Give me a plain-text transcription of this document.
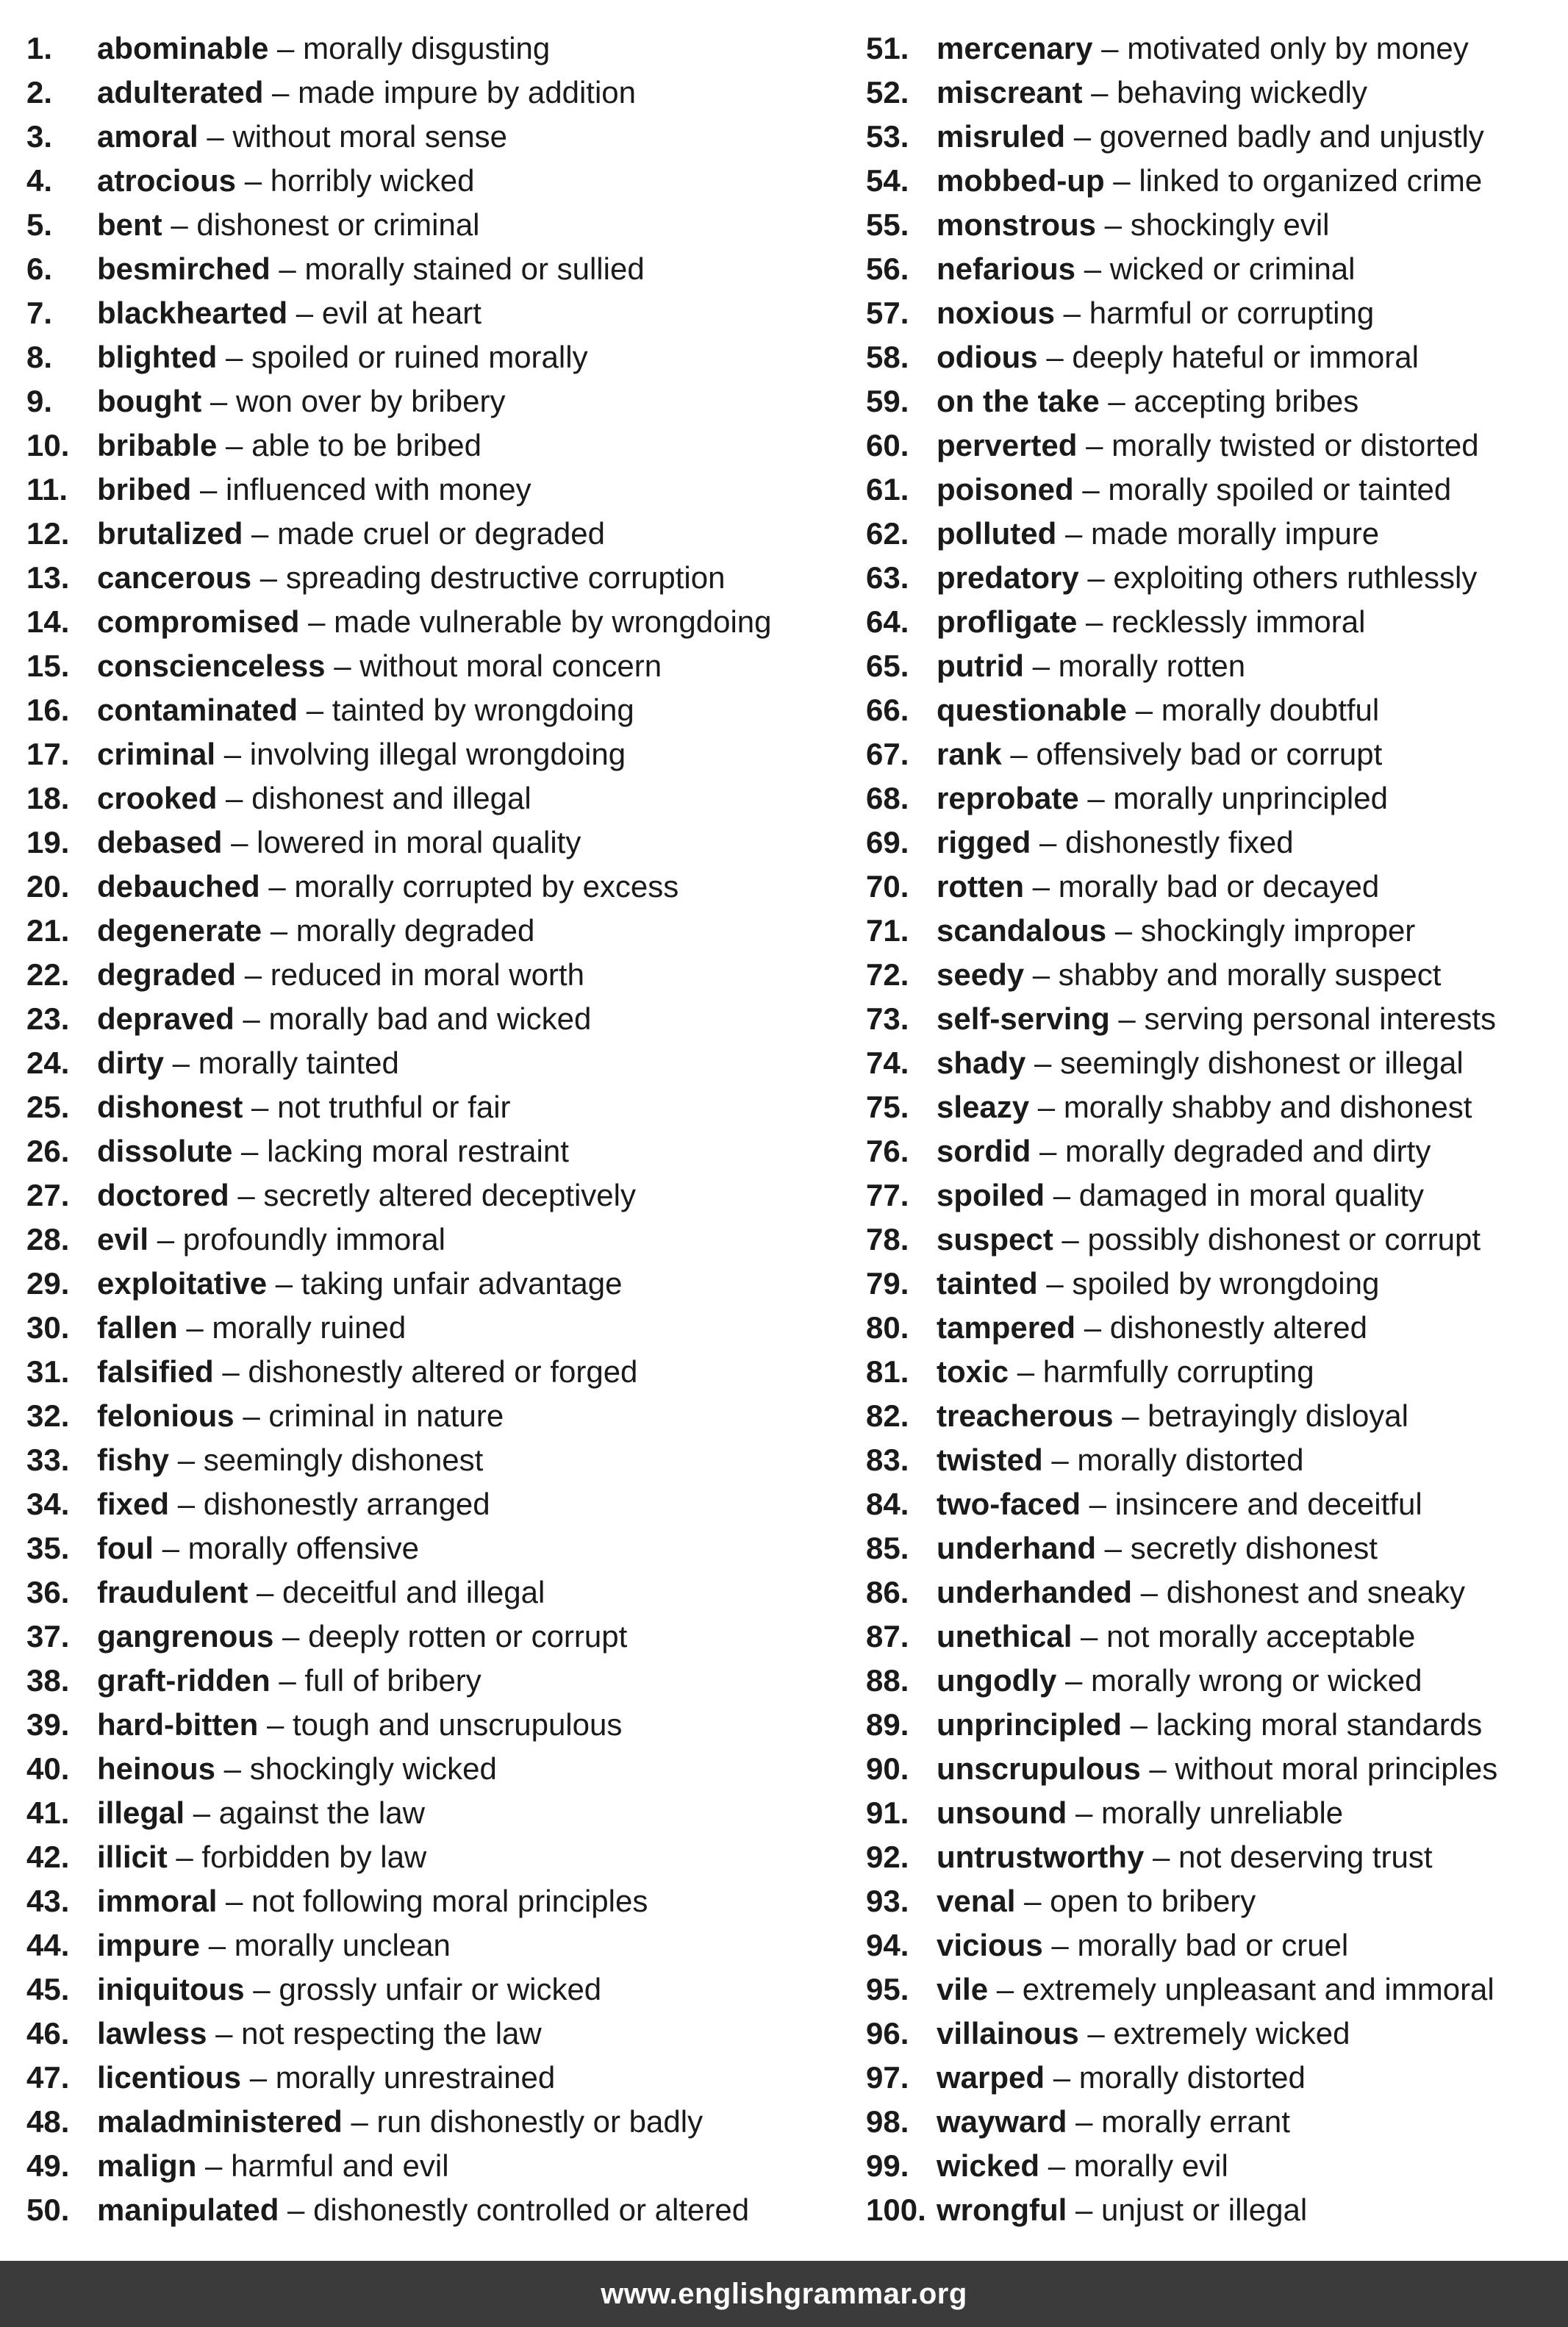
1. abominable – morally disgusting
2. adulterated – made impure by addition
3. amoral – without moral sense
4. atrocious – horribly wicked
5. bent – dishonest or criminal
6. besmirched – morally stained or sullied
7. blackhearted – evil at heart
8. blighted – spoiled or ruined morally
9. bought – won over by bribery
10. bribable – able to be bribed
11. bribed – influenced with money
12. brutalized – made cruel or degraded
13. cancerous – spreading destructive corruption
14. compromised – made vulnerable by wrongdoing
15. conscienceless – without moral concern
16. contaminated – tainted by wrongdoing
17. criminal – involving illegal wrongdoing
18. crooked – dishonest and illegal
19. debased – lowered in moral quality
20. debauched – morally corrupted by excess
21. degenerate – morally degraded
22. degraded – reduced in moral worth
23. depraved – morally bad and wicked
24. dirty – morally tainted
25. dishonest – not truthful or fair
26. dissolute – lacking moral restraint
27. doctored – secretly altered deceptively
28. evil – profoundly immoral
29. exploitative – taking unfair advantage
30. fallen – morally ruined
31. falsified – dishonestly altered or forged
32. felonious – criminal in nature
33. fishy – seemingly dishonest
34. fixed – dishonestly arranged
35. foul – morally offensive
36. fraudulent – deceitful and illegal
37. gangrenous – deeply rotten or corrupt
38. graft-ridden – full of bribery
39. hard-bitten – tough and unscrupulous
40. heinous – shockingly wicked
41. illegal – against the law
42. illicit – forbidden by law
43. immoral – not following moral principles
44. impure – morally unclean
45. iniquitous – grossly unfair or wicked
46. lawless – not respecting the law
47. licentious – morally unrestrained
48. maladministered – run dishonestly or badly
49. malign – harmful and evil
50. manipulated – dishonestly controlled or altered
51. mercenary – motivated only by money
52. miscreant – behaving wickedly
53. misruled – governed badly and unjustly
54. mobbed-up – linked to organized crime
55. monstrous – shockingly evil
56. nefarious – wicked or criminal
57. noxious – harmful or corrupting
58. odious – deeply hateful or immoral
59. on the take – accepting bribes
60. perverted – morally twisted or distorted
61. poisoned – morally spoiled or tainted
62. polluted – made morally impure
63. predatory – exploiting others ruthlessly
64. profligate – recklessly immoral
65. putrid – morally rotten
66. questionable – morally doubtful
67. rank – offensively bad or corrupt
68. reprobate – morally unprincipled
69. rigged – dishonestly fixed
70. rotten – morally bad or decayed
71. scandalous – shockingly improper
72. seedy – shabby and morally suspect
73. self-serving – serving personal interests
74. shady – seemingly dishonest or illegal
75. sleazy – morally shabby and dishonest
76. sordid – morally degraded and dirty
77. spoiled – damaged in moral quality
78. suspect – possibly dishonest or corrupt
79. tainted – spoiled by wrongdoing
80. tampered – dishonestly altered
81. toxic – harmfully corrupting
82. treacherous – betrayingly disloyal
83. twisted – morally distorted
84. two-faced – insincere and deceitful
85. underhand – secretly dishonest
86. underhanded – dishonest and sneaky
87. unethical – not morally acceptable
88. ungodly – morally wrong or wicked
89. unprincipled – lacking moral standards
90. unscrupulous – without moral principles
91. unsound – morally unreliable
92. untrustworthy – not deserving trust
93. venal – open to bribery
94. vicious – morally bad or cruel
95. vile – extremely unpleasant and immoral
96. villainous – extremely wicked
97. warped – morally distorted
98. wayward – morally errant
99. wicked – morally evil
100. wrongful – unjust or illegal
www.englishgrammar.org
